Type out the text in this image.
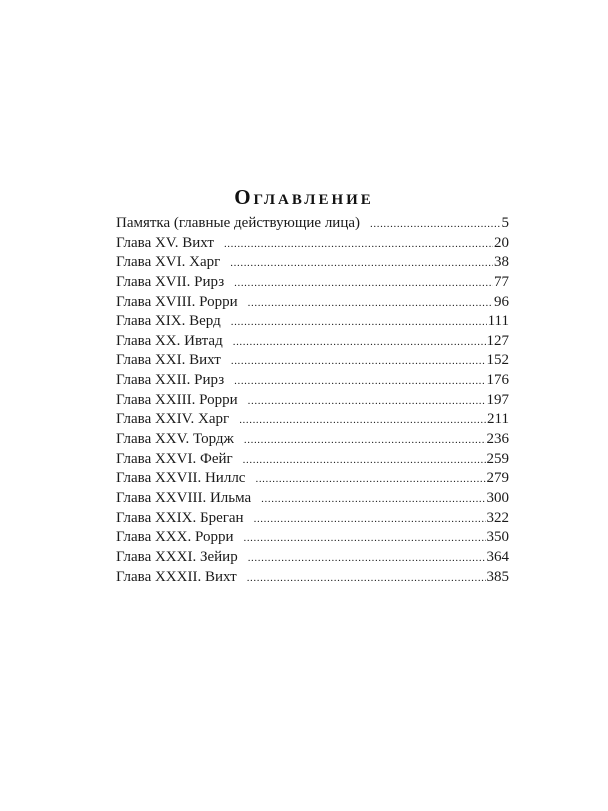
Оглавление
Памятка (главные действующие лица) .....	5
Глава XV. Вихт .....	20
Глава XVI. Харг .....	38
Глава XVII. Рирз .....	77
Глава XVIII. Рорри .....	96
Глава XIX. Верд .....	111
Глава XX. Ивтад .....	127
Глава XXI. Вихт .....	152
Глава XXII. Рирз .....	176
Глава XXIII. Рорри .....	197
Глава XXIV. Харг .....	211
Глава XXV. Тордж .....	236
Глава XXVI. Фейг .....	259
Глава XXVII. Ниллс .....	279
Глава XXVIII. Ильма .....	300
Глава XXIX. Бреган .....	322
Глава XXX. Рорри .....	350
Глава XXXI. Зейир .....	364
Глава XXXII. Вихт .....	385
